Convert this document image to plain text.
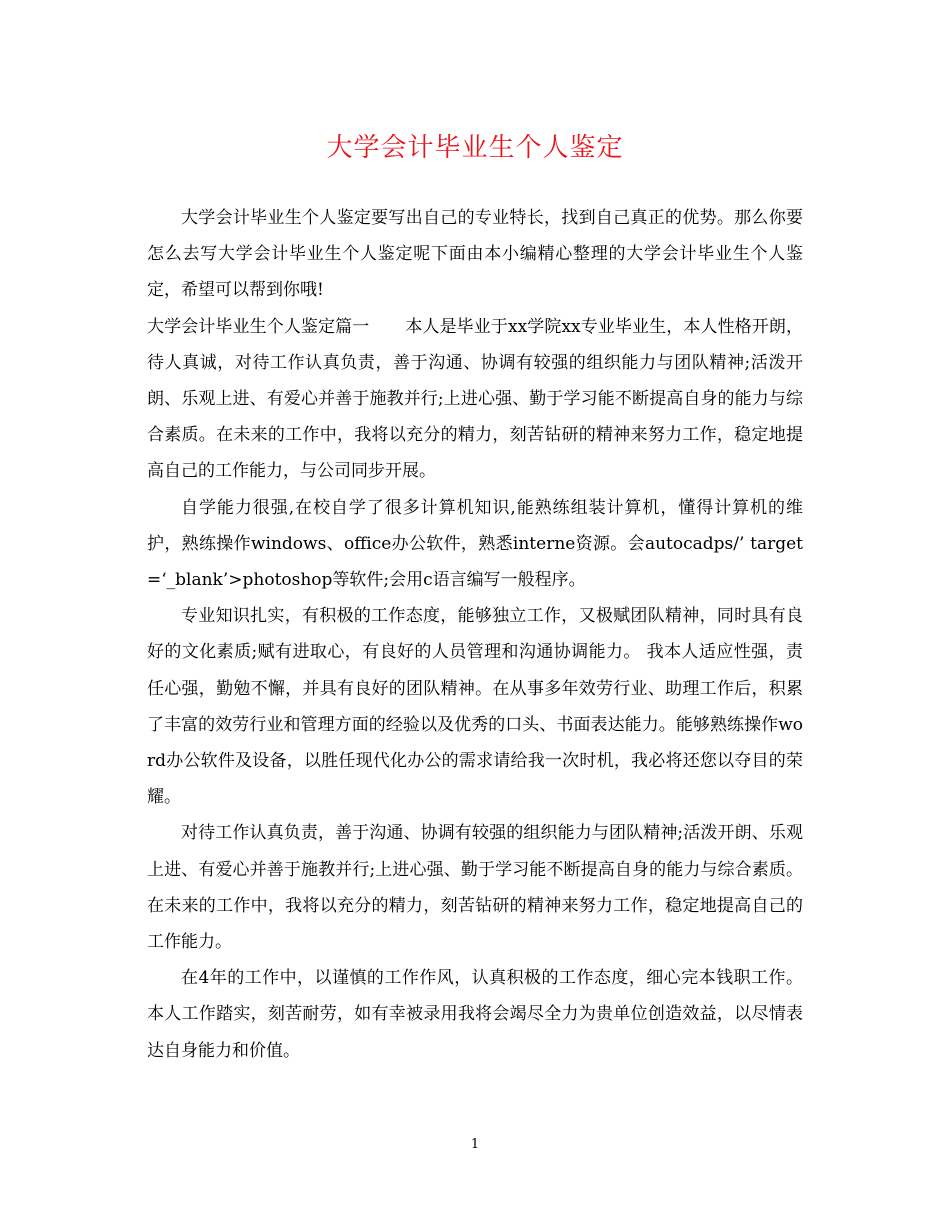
大学会计毕业生个人鉴定

大学会计毕业生个人鉴定要写出自己的专业特长，找到自己真正的优势。那么你要怎么去写大学会计毕业生个人鉴定呢下面由本小编精心整理的大学会计毕业生个人鉴定，希望可以帮到你哦!

大学会计毕业生个人鉴定篇一 本人是毕业于xx学院xx专业毕业生，本人性格开朗，待人真诚，对待工作认真负责，善于沟通、协调有较强的组织能力与团队精神;活泼开朗、乐观上进、有爱心并善于施教并行;上进心强、勤于学习能不断提高自身的能力与综合素质。在未来的工作中，我将以充分的精力，刻苦钻研的精神来努力工作，稳定地提高自己的工作能力，与公司同步开展。

自学能力很强,在校自学了很多计算机知识,能熟练组装计算机，懂得计算机的维护，熟练操作windows、office办公软件，熟悉interne资源。会autocadps/’ target=‘_blank’>photoshop等软件;会用c语言编写一般程序。

专业知识扎实，有积极的工作态度，能够独立工作，又极赋团队精神，同时具有良好的文化素质;赋有进取心，有良好的人员管理和沟通协调能力。 我本人适应性强，责任心强，勤勉不懈，并具有良好的团队精神。在从事多年效劳行业、助理工作后，积累了丰富的效劳行业和管理方面的经验以及优秀的口头、书面表达能力。能够熟练操作word办公软件及设备，以胜任现代化办公的需求请给我一次时机，我必将还您以夺目的荣耀。

对待工作认真负责，善于沟通、协调有较强的组织能力与团队精神;活泼开朗、乐观上进、有爱心并善于施教并行;上进心强、勤于学习能不断提高自身的能力与综合素质。在未来的工作中，我将以充分的精力，刻苦钻研的精神来努力工作，稳定地提高自己的工作能力。

在4年的工作中，以谨慎的工作作风，认真积极的工作态度，细心完本钱职工作。本人工作踏实，刻苦耐劳，如有幸被录用我将会竭尽全力为贵单位创造效益，以尽情表达自身能力和价值。

1
